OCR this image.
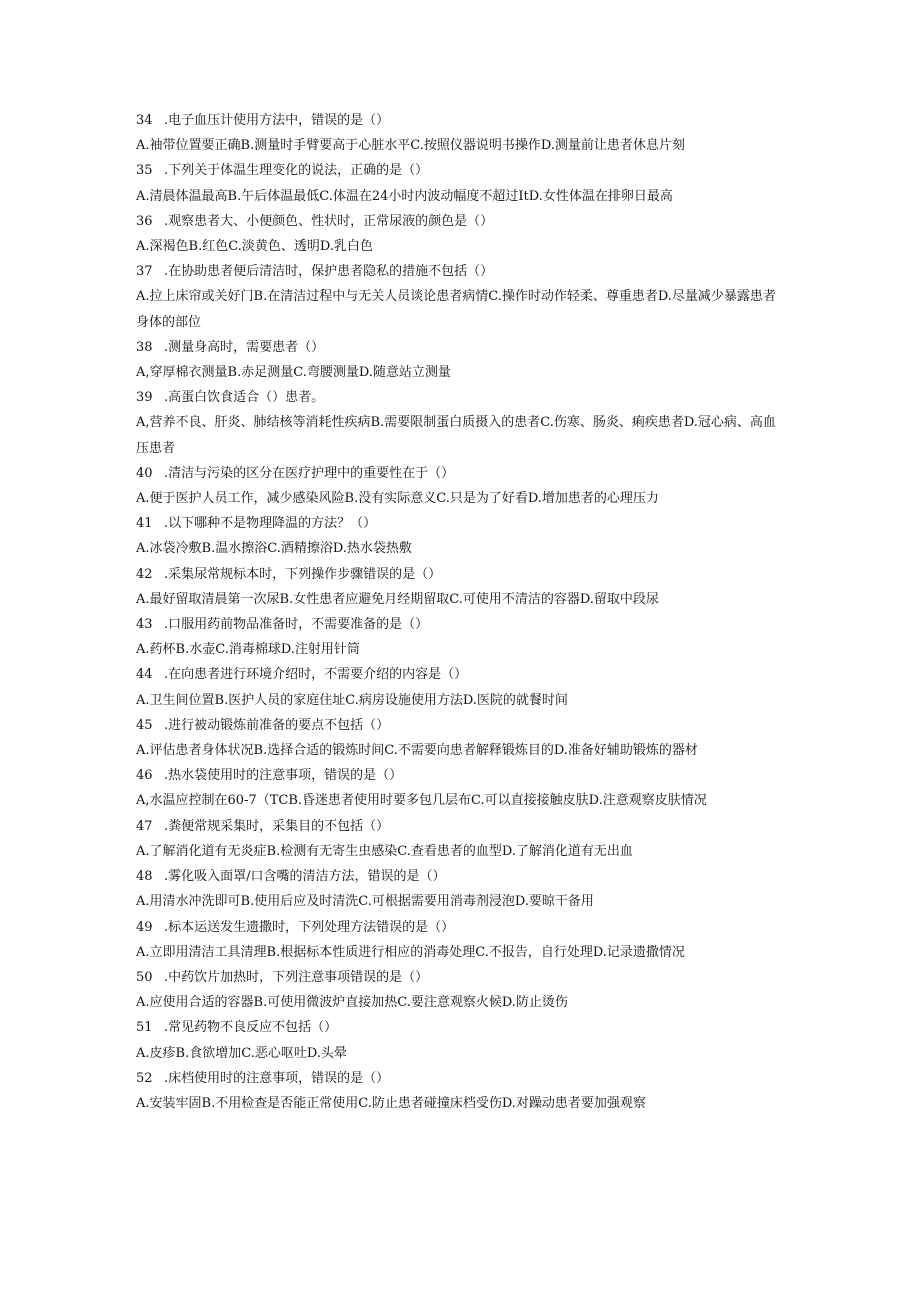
34 .电子血压计使用方法中，错误的是（）
A.袖带位置要正确B.测量时手臂要高于心脏水平C.按照仪器说明书操作D.测量前让患者休息片刻
35 .下列关于体温生理变化的说法，正确的是（）
A.清晨体温最高B.午后体温最低C.体温在24小时内波动幅度不超过ItD.女性体温在排卵日最高
36 .观察患者大、小便颜色、性状时，正常尿液的颜色是（）
A.深褐色B.红色C.淡黄色、透明D.乳白色
37 .在协助患者便后清洁时，保护患者隐私的措施不包括（）
A.拉上床帘或关好门B.在清洁过程中与无关人员谈论患者病情C.操作时动作轻柔、尊重患者D.尽量减少暴露患者身体的部位
38 .测量身高时，需要患者（）
A,穿厚棉衣测量B.赤足测量C.弯腰测量D.随意站立测量
39 .高蛋白饮食适合（）患者。
A,营养不良、肝炎、肺结核等消耗性疾病B.需要限制蛋白质摄入的患者C.伤寒、肠炎、痢疾患者D.冠心病、高血压患者
40 .清洁与污染的区分在医疗护理中的重要性在于（）
A.便于医护人员工作，减少感染风险B.没有实际意义C.只是为了好看D.增加患者的心理压力
41 .以下哪种不是物理降温的方法？（）
A.冰袋冷敷B.温水擦浴C.酒精擦浴D.热水袋热敷
42 .采集尿常规标本时，下列操作步骤错误的是（）
A.最好留取清晨第一次尿B.女性患者应避免月经期留取C.可使用不清洁的容器D.留取中段尿
43 .口服用药前物品准备时，不需要准备的是（）
A.药杯B.水壶C.消毒棉球D.注射用针筒
44 .在向患者进行环境介绍时，不需要介绍的内容是（）
A.卫生间位置B.医护人员的家庭住址C.病房设施使用方法D.医院的就餐时间
45 .进行被动锻炼前准备的要点不包括（）
A.评估患者身体状况B.选择合适的锻炼时间C.不需要向患者解释锻炼目的D.准备好辅助锻炼的器材
46 .热水袋使用时的注意事项，错误的是（）
A,水温应控制在60-7（TCB.昏迷患者使用时要多包几层布C.可以直接接触皮肤D.注意观察皮肤情况
47 .粪便常规采集时，采集目的不包括（）
A.了解消化道有无炎症B.检测有无寄生虫感染C.查看患者的血型D.了解消化道有无出血
48 .雾化吸入面罩/口含嘴的清洁方法，错误的是（）
A.用清水冲洗即可B.使用后应及时清洗C.可根据需要用消毒剂浸泡D.要晾干备用
49 .标本运送发生遗撒时，下列处理方法错误的是（）
A.立即用清洁工具清理B.根据标本性质进行相应的消毒处理C.不报告，自行处理D.记录遗撒情况
50 .中药饮片加热时，下列注意事项错误的是（）
A.应使用合适的容器B.可使用微波炉直接加热C.要注意观察火候D.防止烫伤
51 .常见药物不良反应不包括（）
A.皮疹B.食欲增加C.恶心呕吐D.头晕
52 .床档使用时的注意事项，错误的是（）
A.安装牢固B.不用检查是否能正常使用C.防止患者碰撞床档受伤D.对躁动患者要加强观察
